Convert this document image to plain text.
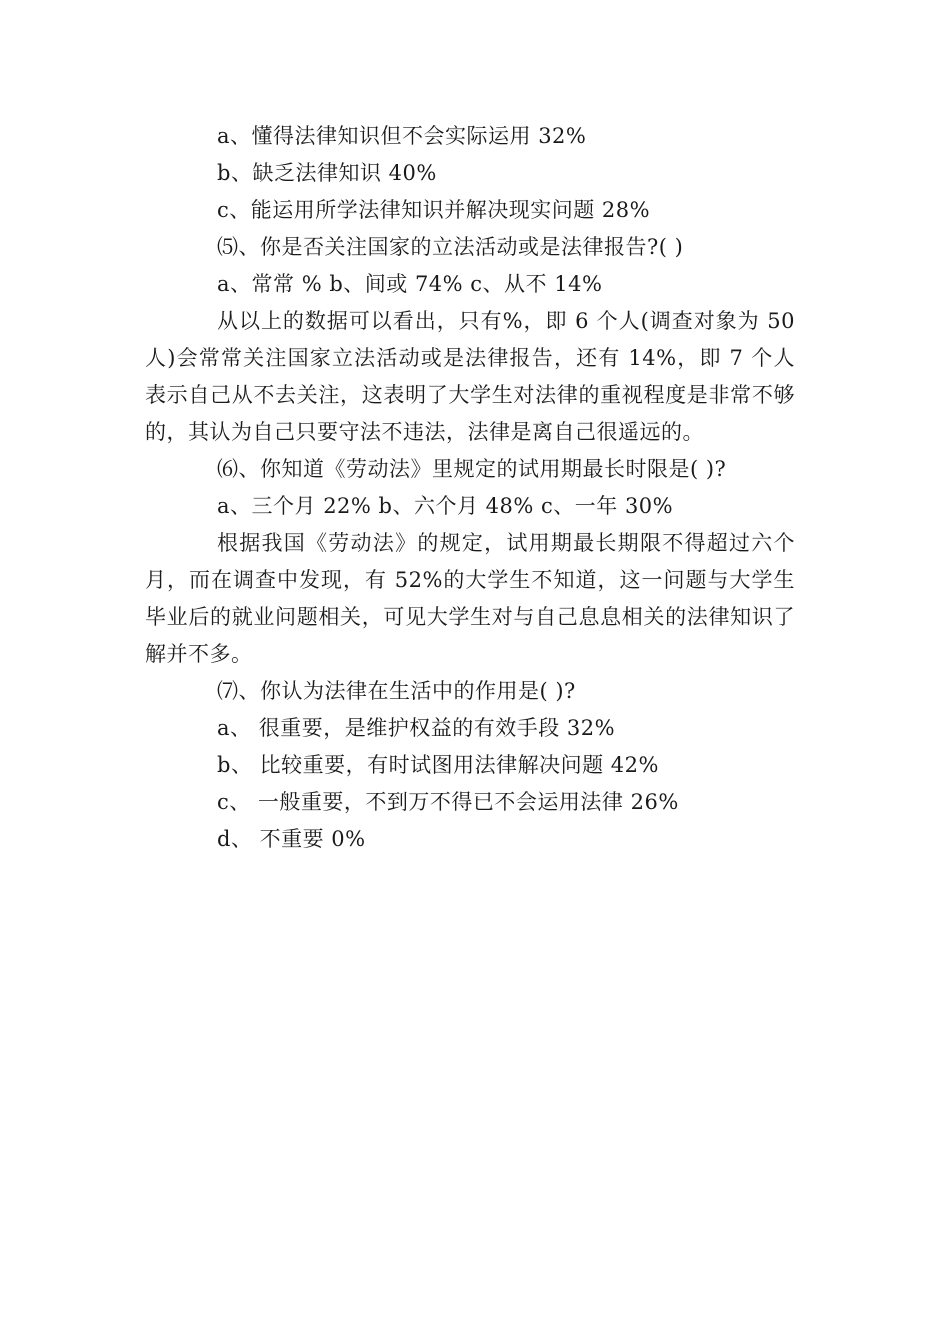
a、懂得法律知识但不会实际运用 32%
b、缺乏法律知识 40%
c、能运用所学法律知识并解决现实问题 28%
⑸、你是否关注国家的立法活动或是法律报告?( )
a、常常 % b、间或 74% c、从不 14%

从以上的数据可以看出，只有%，即 6 个人(调查对象为 50 人)会常常关注国家立法活动或是法律报告，还有 14%，即 7 个人表示自己从不去关注，这表明了大学生对法律的重视程度是非常不够的，其认为自己只要守法不违法，法律是离自己很遥远的。

⑹、你知道《劳动法》里规定的试用期最长时限是( )?
a、三个月 22% b、六个月 48% c、一年 30%

根据我国《劳动法》的规定，试用期最长期限不得超过六个月，而在调查中发现，有 52%的大学生不知道，这一问题与大学生毕业后的就业问题相关，可见大学生对与自己息息相关的法律知识了解并不多。

⑺、你认为法律在生活中的作用是( )?
a、 很重要，是维护权益的有效手段 32%
b、 比较重要，有时试图用法律解决问题 42%
c、 一般重要，不到万不得已不会运用法律 26%
d、 不重要 0%
